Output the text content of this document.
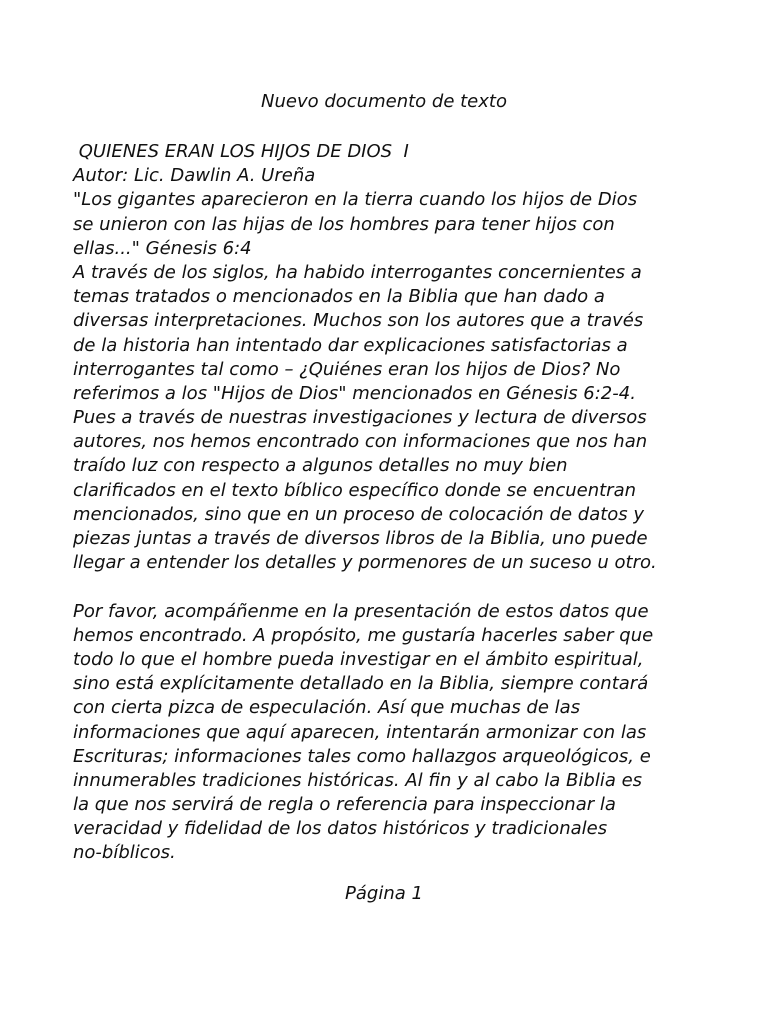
Nuevo documento de texto
QUIENES ERAN LOS HIJOS DE DIOS  I
Autor: Lic. Dawlin A. Ureña
"Los gigantes aparecieron en la tierra cuando los hijos de Dios
se unieron con las hijas de los hombres para tener hijos con
ellas..." Génesis 6:4
A través de los siglos, ha habido interrogantes concernientes a
temas tratados o mencionados en la Biblia que han dado a
diversas interpretaciones. Muchos son los autores que a través
de la historia han intentado dar explicaciones satisfactorias a
interrogantes tal como – ¿Quiénes eran los hijos de Dios? No
referimos a los "Hijos de Dios" mencionados en Génesis 6:2-4.
Pues a través de nuestras investigaciones y lectura de diversos
autores, nos hemos encontrado con informaciones que nos han
traído luz con respecto a algunos detalles no muy bien
clarificados en el texto bíblico específico donde se encuentran
mencionados, sino que en un proceso de colocación de datos y
piezas juntas a través de diversos libros de la Biblia, uno puede
llegar a entender los detalles y pormenores de un suceso u otro.
Por favor, acompáñenme en la presentación de estos datos que
hemos encontrado. A propósito, me gustaría hacerles saber que
todo lo que el hombre pueda investigar en el ámbito espiritual,
sino está explícitamente detallado en la Biblia, siempre contará
con cierta pizca de especulación. Así que muchas de las
informaciones que aquí aparecen, intentarán armonizar con las
Escrituras; informaciones tales como hallazgos arqueológicos, e
innumerables tradiciones históricas. Al fin y al cabo la Biblia es
la que nos servirá de regla o referencia para inspeccionar la
veracidad y fidelidad de los datos históricos y tradicionales
no-bíblicos.
Página 1
